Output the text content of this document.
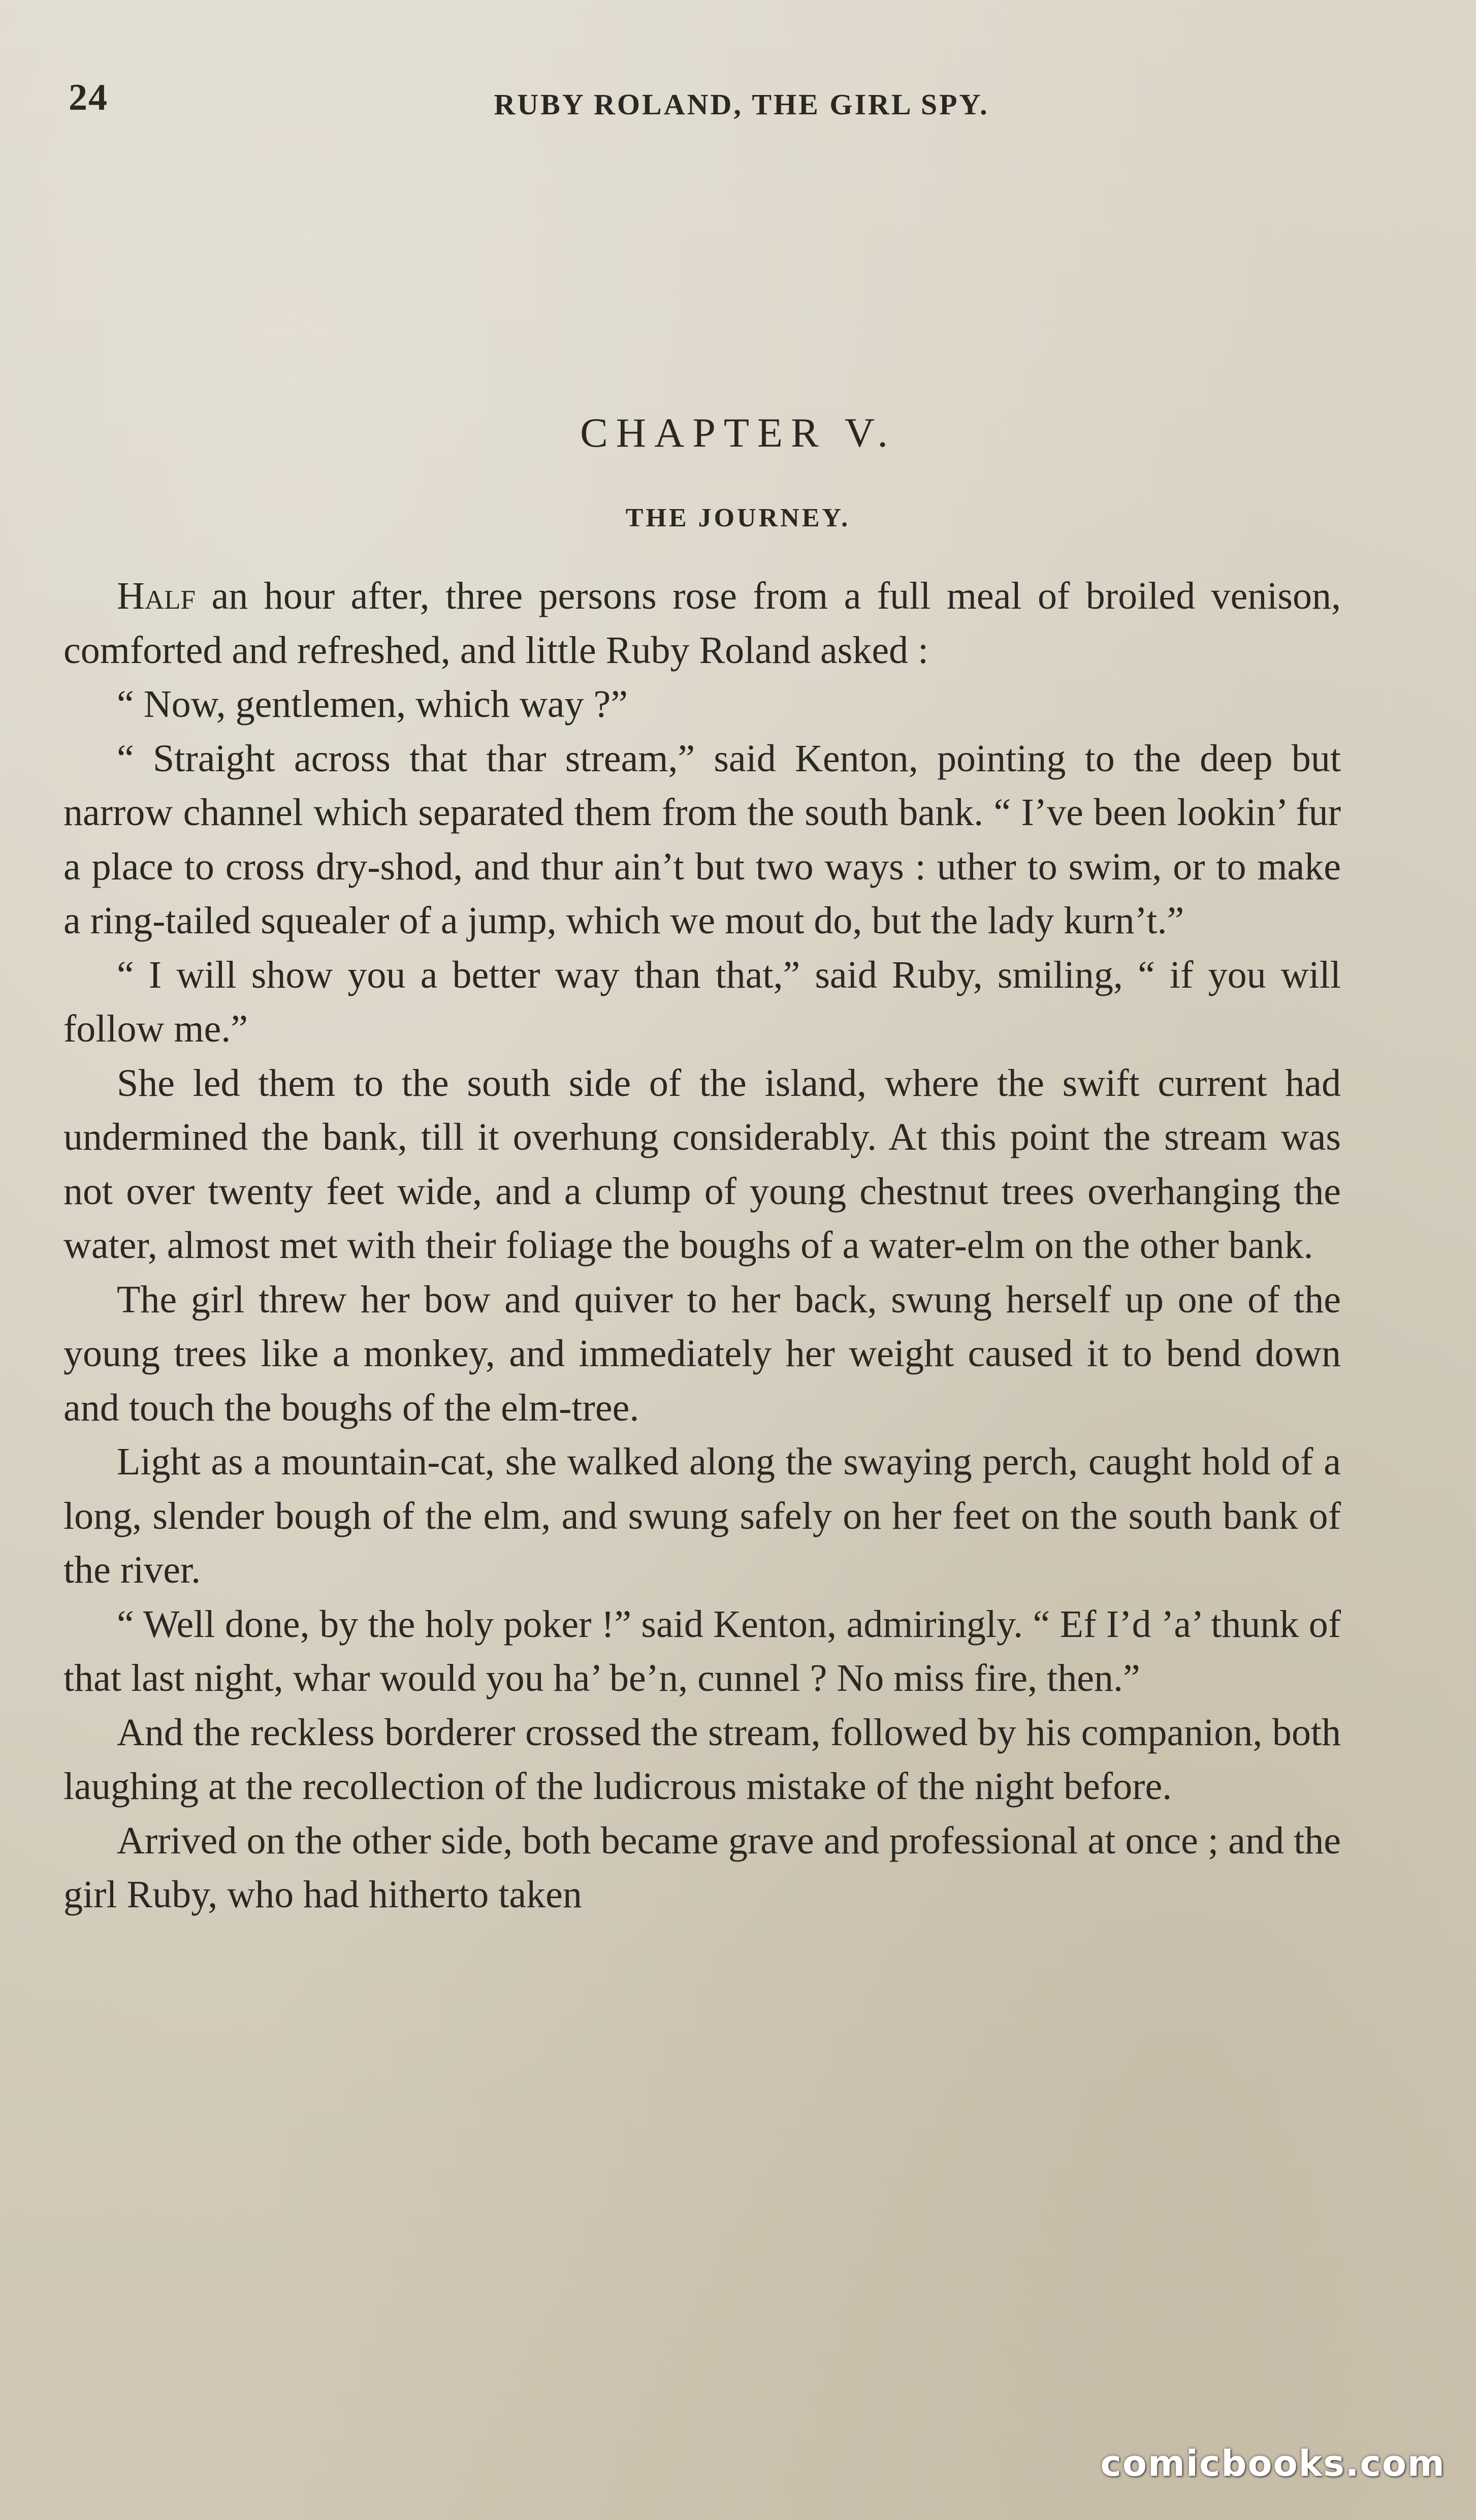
24	RUBY ROLAND, THE GIRL SPY.
CHAPTER V.
THE JOURNEY.

Half an hour after, three persons rose from a full meal of broiled venison, comforted and refreshed, and little Ruby Roland asked :

“ Now, gentlemen, which way ?”

“ Straight across that thar stream,” said Kenton, pointing to the deep but narrow channel which separated them from the south bank. “ I’ve been lookin’ fur a place to cross dry-shod, and thur ain’t but two ways : uther to swim, or to make a ring-tailed squealer of a jump, which we mout do, but the lady kurn’t.”

“ I will show you a better way than that,” said Ruby, smiling, “ if you will follow me.”

She led them to the south side of the island, where the swift current had undermined the bank, till it overhung considerably. At this point the stream was not over twenty feet wide, and a clump of young chestnut trees overhanging the water, almost met with their foliage the boughs of a water-elm on the other bank.

The girl threw her bow and quiver to her back, swung herself up one of the young trees like a monkey, and immediately her weight caused it to bend down and touch the boughs of the elm-tree.

Light as a mountain-cat, she walked along the swaying perch, caught hold of a long, slender bough of the elm, and swung safely on her feet on the south bank of the river.

“ Well done, by the holy poker !” said Kenton, admiringly. “ Ef I’d ’a’ thunk of that last night, whar would you ha’ be’n, cunnel ? No miss fire, then.”

And the reckless borderer crossed the stream, followed by his companion, both laughing at the recollection of the ludicrous mistake of the night before.

Arrived on the other side, both became grave and professional at once ; and the girl Ruby, who had hitherto taken

comicbooks.com
